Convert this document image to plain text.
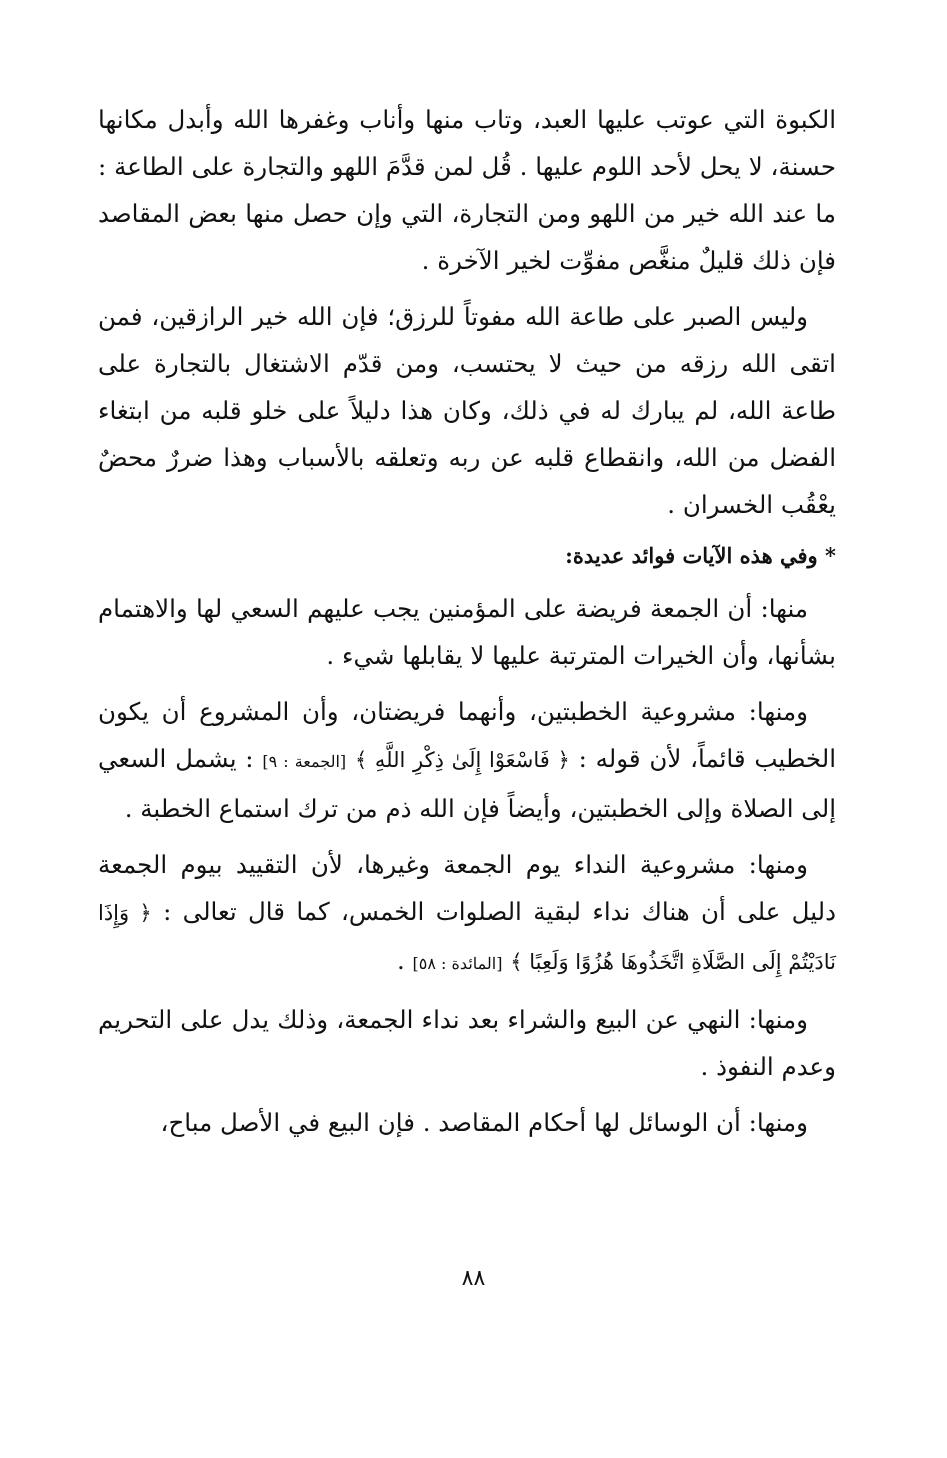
الكبوة التي عوتب عليها العبد، وتاب منها وأناب وغفرها الله وأبدل مكانها حسنة، لا يحل لأحد اللوم عليها . قُل لمن قدَّمَ اللهو والتجارة على الطاعة : ما عند الله خير من اللهو ومن التجارة، التي وإن حصل منها بعض المقاصد فإن ذلك قليلٌ منغَّص مفوِّت لخير الآخرة .

وليس الصبر على طاعة الله مفوتاً للرزق؛ فإن الله خير الرازقين، فمن اتقى الله رزقه من حيث لا يحتسب، ومن قدّم الاشتغال بالتجارة على طاعة الله، لم يبارك له في ذلك، وكان هذا دليلاً على خلو قلبه من ابتغاء الفضل من الله، وانقطاع قلبه عن ربه وتعلقه بالأسباب وهذا ضررٌ محضٌ يعْقُب الخسران .

* وفي هذه الآيات فوائد عديدة:

منها: أن الجمعة فريضة على المؤمنين يجب عليهم السعي لها والاهتمام بشأنها، وأن الخيرات المترتبة عليها لا يقابلها شيء .

ومنها: مشروعية الخطبتين، وأنهما فريضتان، وأن المشروع أن يكون الخطيب قائماً، لأن قوله : ﴿ فَاسْعَوْا إِلَىٰ ذِكْرِ اللَّهِ ﴾ [الجمعة : ٩] : يشمل السعي إلى الصلاة وإلى الخطبتين، وأيضاً فإن الله ذم من ترك استماع الخطبة .

ومنها: مشروعية النداء يوم الجمعة وغيرها، لأن التقييد بيوم الجمعة دليل على أن هناك نداء لبقية الصلوات الخمس، كما قال تعالى : ﴿ وَإِذَا نَادَيْتُمْ إِلَى الصَّلَاةِ اتَّخَذُوهَا هُزُوًا وَلَعِبًا ﴾ [المائدة : ٥٨] .

ومنها: النهي عن البيع والشراء بعد نداء الجمعة، وذلك يدل على التحريم وعدم النفوذ .

ومنها: أن الوسائل لها أحكام المقاصد . فإن البيع في الأصل مباح،

٨٨
